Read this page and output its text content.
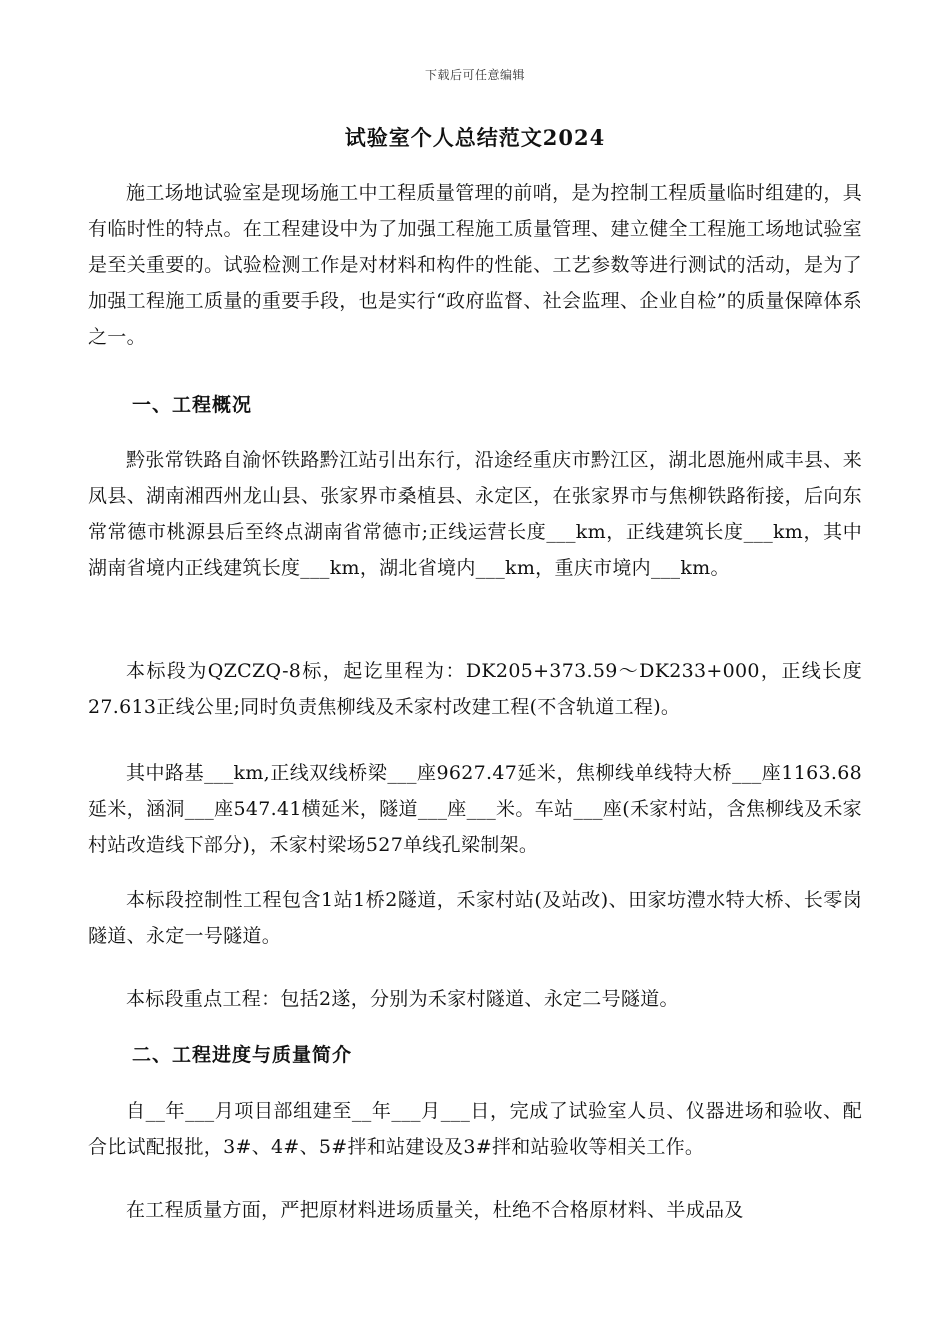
下载后可任意编辑
试验室个人总结范文2024

施工场地试验室是现场施工中工程质量管理的前哨，是为控制工程质量临时组建的，具有临时性的特点。在工程建设中为了加强工程施工质量管理、建立健全工程施工场地试验室是至关重要的。试验检测工作是对材料和构件的性能、工艺参数等进行测试的活动，是为了加强工程施工质量的重要手段，也是实行“政府监督、社会监理、企业自检”的质量保障体系之一。

一、工程概况

黔张常铁路自渝怀铁路黔江站引出东行，沿途经重庆市黔江区，湖北恩施州咸丰县、来凤县、湖南湘西州龙山县、张家界市桑植县、永定区，在张家界市与焦柳铁路衔接，后向东常常德市桃源县后至终点湖南省常德市;正线运营长度___km，正线建筑长度___km，其中湖南省境内正线建筑长度___km，湖北省境内___km，重庆市境内___km。

本标段为QZCZQ-8标，起讫里程为：DK205+373.59～DK233+000，正线长度27.613正线公里;同时负责焦柳线及禾家村改建工程(不含轨道工程)。

其中路基___km,正线双线桥梁___座9627.47延米，焦柳线单线特大桥___座1163.68延米，涵洞___座547.41横延米，隧道___座___米。车站___座(禾家村站，含焦柳线及禾家村站改造线下部分)，禾家村梁场527单线孔梁制架。

本标段控制性工程包含1站1桥2隧道，禾家村站(及站改)、田家坊澧水特大桥、长零岗隧道、永定一号隧道。

本标段重点工程：包括2遂，分别为禾家村隧道、永定二号隧道。

二、工程进度与质量简介

自__年___月项目部组建至__年___月___日，完成了试验室人员、仪器进场和验收、配合比试配报批，3#、4#、5#拌和站建设及3#拌和站验收等相关工作。

在工程质量方面，严把原材料进场质量关，杜绝不合格原材料、半成品及
